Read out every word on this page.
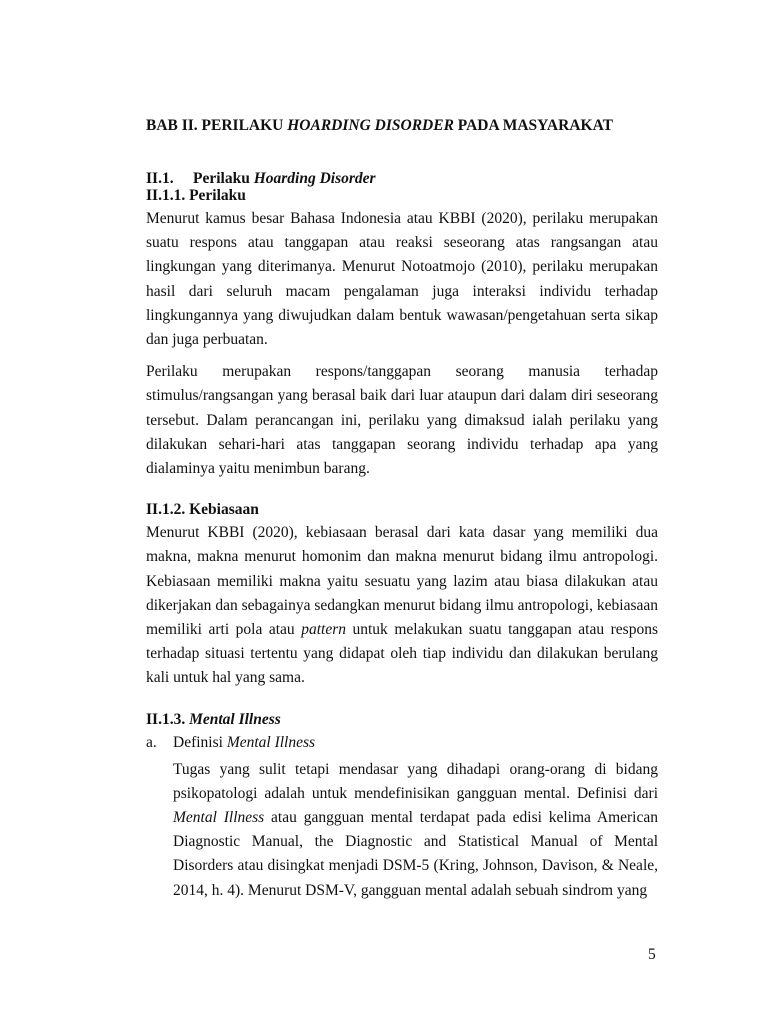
BAB II. PERILAKU HOARDING DISORDER PADA MASYARAKAT
II.1. Perilaku Hoarding Disorder
II.1.1. Perilaku

Menurut kamus besar Bahasa Indonesia atau KBBI (2020), perilaku merupakan suatu respons atau tanggapan atau reaksi seseorang atas rangsangan atau lingkungan yang diterimanya. Menurut Notoatmojo (2010), perilaku merupakan hasil dari seluruh macam pengalaman juga interaksi individu terhadap lingkungannya yang diwujudkan dalam bentuk wawasan/pengetahuan serta sikap dan juga perbuatan.

Perilaku merupakan respons/tanggapan seorang manusia terhadap stimulus/rangsangan yang berasal baik dari luar ataupun dari dalam diri seseorang tersebut. Dalam perancangan ini, perilaku yang dimaksud ialah perilaku yang dilakukan sehari-hari atas tanggapan seorang individu terhadap apa yang dialaminya yaitu menimbun barang.

II.1.2. Kebiasaan

Menurut KBBI (2020), kebiasaan berasal dari kata dasar yang memiliki dua makna, makna menurut homonim dan makna menurut bidang ilmu antropologi. Kebiasaan memiliki makna yaitu sesuatu yang lazim atau biasa dilakukan atau dikerjakan dan sebagainya sedangkan menurut bidang ilmu antropologi, kebiasaan memiliki arti pola atau pattern untuk melakukan suatu tanggapan atau respons terhadap situasi tertentu yang didapat oleh tiap individu dan dilakukan berulang kali untuk hal yang sama.

II.1.3. Mental Illness
a. Definisi Mental Illness

Tugas yang sulit tetapi mendasar yang dihadapi orang-orang di bidang psikopatologi adalah untuk mendefinisikan gangguan mental. Definisi dari Mental Illness atau gangguan mental terdapat pada edisi kelima American Diagnostic Manual, the Diagnostic and Statistical Manual of Mental Disorders atau disingkat menjadi DSM-5 (Kring, Johnson, Davison, & Neale, 2014, h. 4). Menurut DSM-V, gangguan mental adalah sebuah sindrom yang

5
